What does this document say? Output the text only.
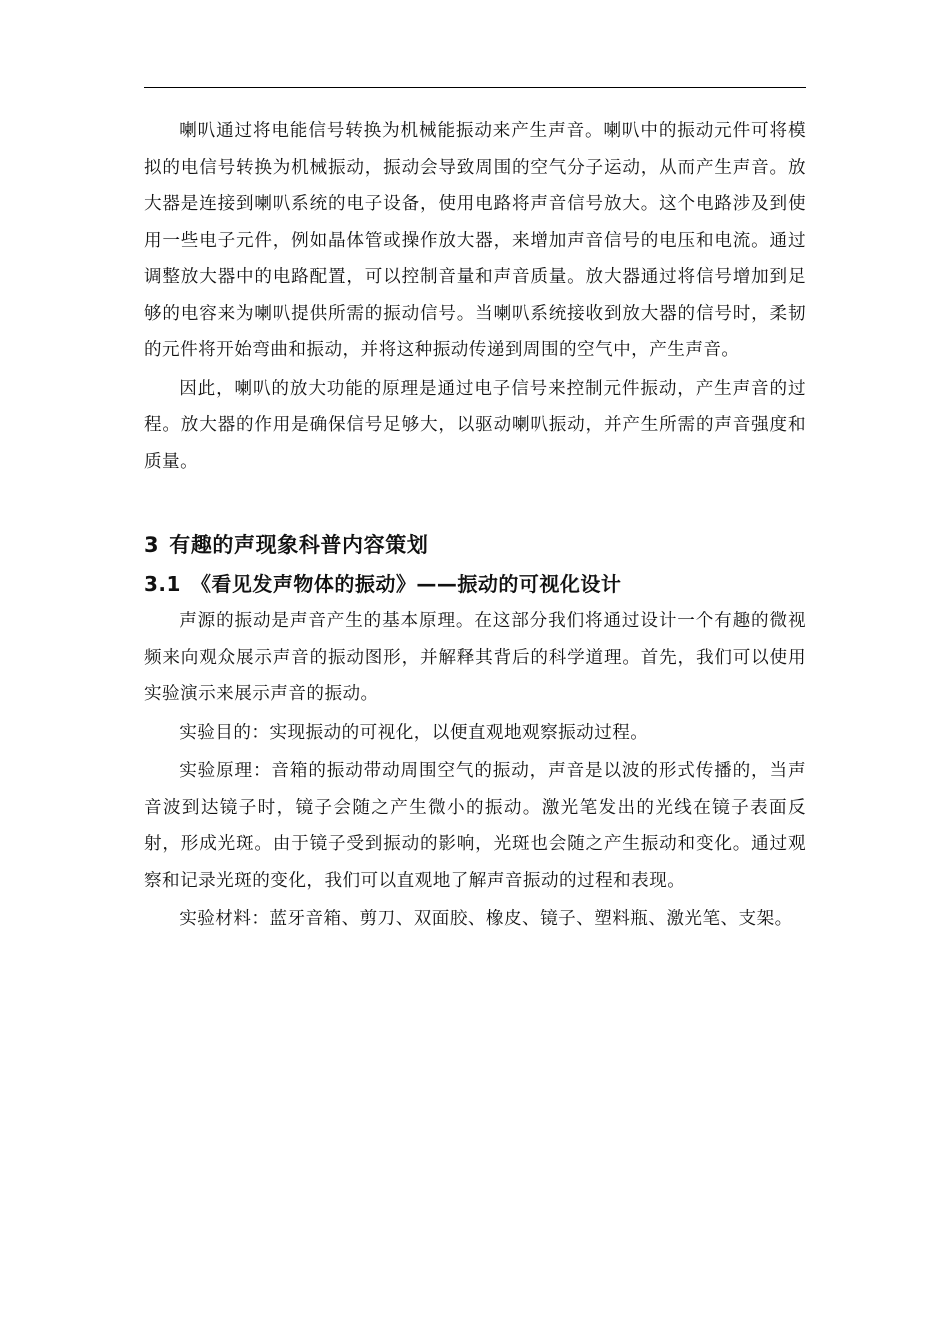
喇叭通过将电能信号转换为机械能振动来产生声音。喇叭中的振动元件可将模拟的电信号转换为机械振动，振动会导致周围的空气分子运动，从而产生声音。放大器是连接到喇叭系统的电子设备，使用电路将声音信号放大。这个电路涉及到使用一些电子元件，例如晶体管或操作放大器，来增加声音信号的电压和电流。通过调整放大器中的电路配置，可以控制音量和声音质量。放大器通过将信号增加到足够的电容来为喇叭提供所需的振动信号。当喇叭系统接收到放大器的信号时，柔韧的元件将开始弯曲和振动，并将这种振动传递到周围的空气中，产生声音。

因此，喇叭的放大功能的原理是通过电子信号来控制元件振动，产生声音的过程。放大器的作用是确保信号足够大，以驱动喇叭振动，并产生所需的声音强度和质量。

3 有趣的声现象科普内容策划
3.1 《看见发声物体的振动》——振动的可视化设计

声源的振动是声音产生的基本原理。在这部分我们将通过设计一个有趣的微视频来向观众展示声音的振动图形，并解释其背后的科学道理。首先，我们可以使用实验演示来展示声音的振动。

实验目的：实现振动的可视化，以便直观地观察振动过程。

实验原理：音箱的振动带动周围空气的振动，声音是以波的形式传播的，当声音波到达镜子时，镜子会随之产生微小的振动。激光笔发出的光线在镜子表面反射，形成光斑。由于镜子受到振动的影响，光斑也会随之产生振动和变化。通过观察和记录光斑的变化，我们可以直观地了解声音振动的过程和表现。

实验材料：蓝牙音箱、剪刀、双面胶、橡皮、镜子、塑料瓶、激光笔、支架。
